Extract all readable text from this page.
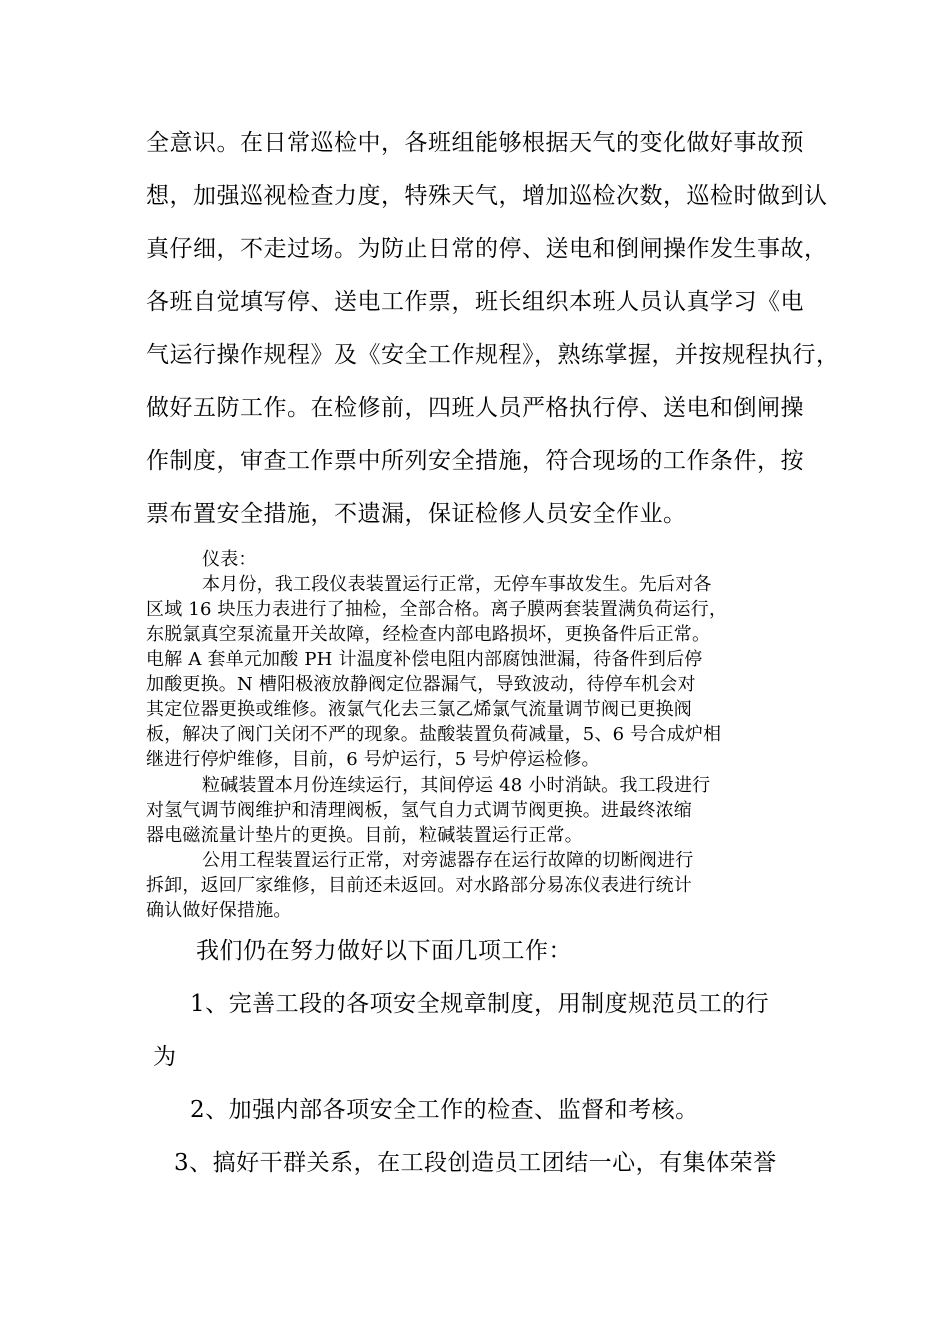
全意识。在日常巡检中，各班组能够根据天气的变化做好事故预

想，加强巡视检查力度，特殊天气，增加巡检次数，巡检时做到认

真仔细，不走过场。为防止日常的停、送电和倒闸操作发生事故，

各班自觉填写停、送电工作票，班长组织本班人员认真学习《电

气运行操作规程》及《安全工作规程》，熟练掌握，并按规程执行，

做好五防工作。在检修前，四班人员严格执行停、送电和倒闸操

作制度，审查工作票中所列安全措施，符合现场的工作条件，按

票布置安全措施，不遗漏，保证检修人员安全作业。

仪表：

本月份，我工段仪表装置运行正常，无停车事故发生。先后对各

区域 16 块压力表进行了抽检，全部合格。离子膜两套装置满负荷运行，

东脱氯真空泵流量开关故障，经检查内部电路损坏，更换备件后正常。

电解 A 套单元加酸 PH 计温度补偿电阻内部腐蚀泄漏，待备件到后停

加酸更换。N 槽阳极液放静阀定位器漏气，导致波动，待停车机会对

其定位器更换或维修。液氯气化去三氯乙烯氯气流量调节阀已更换阀

板，解决了阀门关闭不严的现象。盐酸装置负荷减量，5、6 号合成炉相

继进行停炉维修，目前，6 号炉运行，5 号炉停运检修。

粒碱装置本月份连续运行，其间停运 48 小时消缺。我工段进行

对氢气调节阀维护和清理阀板，氢气自力式调节阀更换。进最终浓缩

器电磁流量计垫片的更换。目前，粒碱装置运行正常。

公用工程装置运行正常，对旁滤器存在运行故障的切断阀进行

拆卸，返回厂家维修，目前还未返回。对水路部分易冻仪表进行统计

确认做好保措施。

我们仍在努力做好以下面几项工作：

1、完善工段的各项安全规章制度，用制度规范员工的行

为

2、加强内部各项安全工作的检查、监督和考核。

3、搞好干群关系，在工段创造员工团结一心，有集体荣誉
